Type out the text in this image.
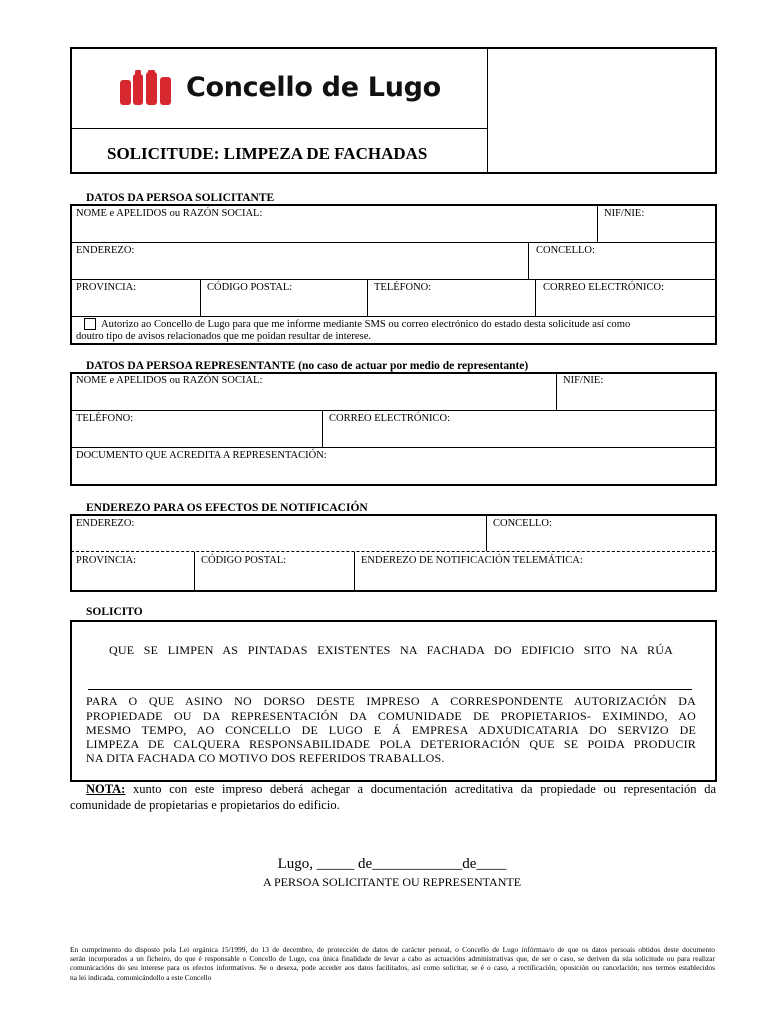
Concello de Lugo
SOLICITUDE: LIMPEZA DE FACHADAS
DATOS DA PERSOA SOLICITANTE
NOME e APELIDOS ou RAZÓN SOCIAL:	NIF/NIE:
ENDEREZO:	CONCELLO:
PROVINCIA:	CÓDIGO POSTAL:	TELÉFONO:	CORREO ELECTRÓNICO:
Autorizo ao Concello de Lugo para que me informe mediante SMS ou correo electrónico do estado desta solicitude así como
doutro tipo de avisos relacionados que me poidan resultar de interese.
DATOS DA PERSOA REPRESENTANTE (no caso de actuar por medio de representante)
NOME e APELIDOS ou RAZÓN SOCIAL:	NIF/NIE:
TELÉFONO:	CORREO ELECTRÓNICO:
DOCUMENTO QUE ACREDITA A REPRESENTACIÓN:
ENDEREZO PARA OS EFECTOS DE NOTIFICACIÓN
ENDEREZO:	CONCELLO:
PROVINCIA:	CÓDIGO POSTAL:	ENDEREZO DE NOTIFICACIÓN TELEMÁTICA:
SOLICITO
QUE SE LIMPEN AS PINTADAS EXISTENTES NA FACHADA DO EDIFICIO SITO NA RÚA
PARA O QUE ASINO NO DORSO DESTE IMPRESO A CORRESPONDENTE AUTORIZACIÓN DA
PROPIEDADE OU DA REPRESENTACIÓN DA COMUNIDADE DE PROPIETARIOS- EXIMINDO, AO
MESMO TEMPO, AO CONCELLO DE LUGO E Á EMPRESA ADXUDICATARIA DO SERVIZO DE
LIMPEZA DE CALQUERA RESPONSABILIDADE POLA DETERIORACIÓN QUE SE POIDA PRODUCIR
NA DITA FACHADA CO MOTIVO DOS REFERIDOS TRABALLOS.
NOTA: xunto con este impreso deberá achegar a documentación acreditativa da propiedade ou representación da
comunidade de propietarias e propietarios do edificio.
Lugo, _____ de____________de____
A PERSOA SOLICITANTE OU REPRESENTANTE
En cumprimento do disposto pola Lei orgánica 15/1999, do 13 de decembro, de protección de datos de carácter persoal, o Concello de Lugo infórmaa/o de que os datos persoais obtidos deste documento
serán incorporados a un ficheiro, do que é responsable o Concello de Lugo, coa única finalidade de levar a cabo as actuacións administrativas que, de ser o caso, se deriven da súa solicitude ou para realizar
comunicacións do seu interese para os efectos informativos. Se o desexa, pode acceder aos datos facilitados, así como solicitar, se é o caso, a rectificación, oposición ou cancelación, nos termos establecidos
na lei indicada, comunicándollo a este Concello
